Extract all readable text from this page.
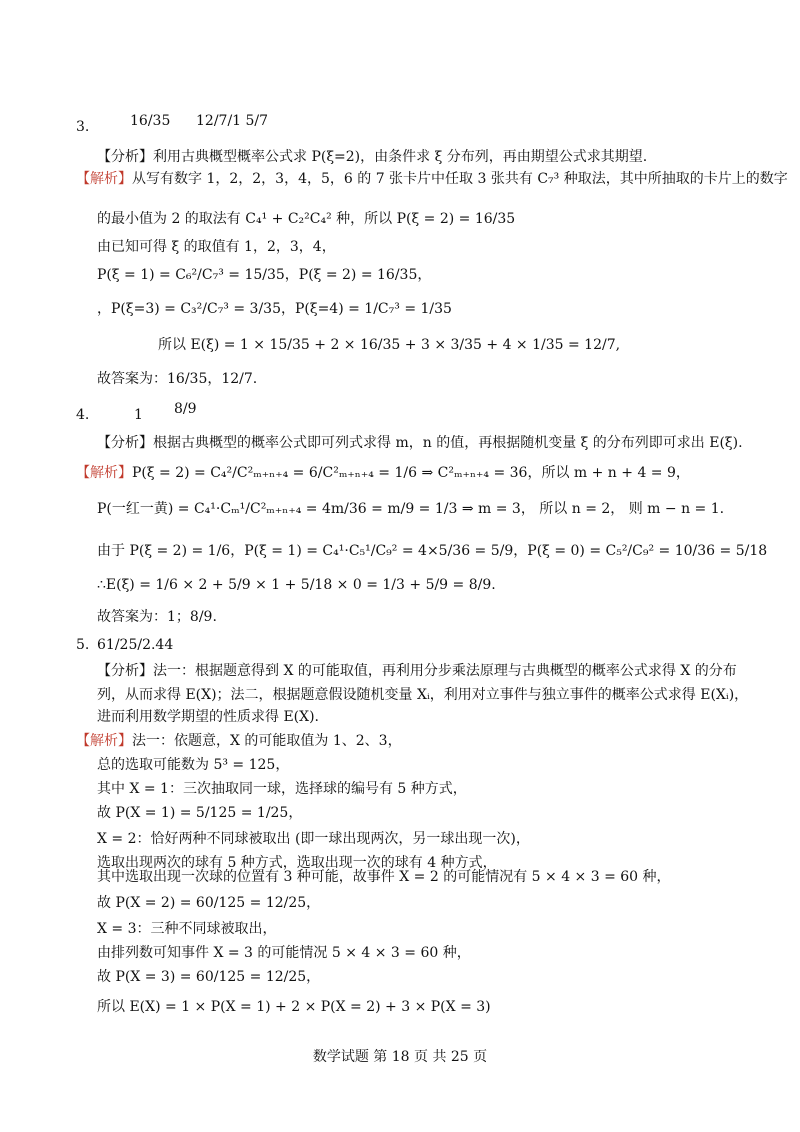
3.	16/35 12/7/1 5/7
【分析】利用古典概型概率公式求 P(ξ=2)，由条件求 ξ 分布列，再由期望公式求其期望.
【解析】从写有数字 1，2，2，3，4，5，6 的 7 张卡片中任取 3 张共有 C₇³ 种取法，其中所抽取的卡片上的数字
的最小值为 2 的取法有 C₄¹ + C₂²C₄² 种，所以 P(ξ = 2) = 16/35
由已知可得 ξ 的取值有 1，2，3，4，
P(ξ = 1) = C₆²/C₇³ = 15/35，P(ξ = 2) = 16/35，
，P(ξ=3) = C₃²/C₇³ = 3/35，P(ξ=4) = 1/C₇³ = 1/35
所以 E(ξ) = 1 × 15/35 + 2 × 16/35 + 3 × 3/35 + 4 × 1/35 = 12/7,
故答案为：16/35，12/7.
4.	1 8/9
【分析】根据古典概型的概率公式即可列式求得 m，n 的值，再根据随机变量 ξ 的分布列即可求出 E(ξ).
【解析】P(ξ = 2) = C₄²/C²ₘ₊ₙ₊₄ = 6/C²ₘ₊ₙ₊₄ = 1/6 ⇒ C²ₘ₊ₙ₊₄ = 36，所以 m + n + 4 = 9，
P(一红一黄) = C₄¹·Cₘ¹/C²ₘ₊ₙ₊₄ = 4m/36 = m/9 = 1/3 ⇒ m = 3， 所以 n = 2， 则 m − n = 1.
由于 P(ξ = 2) = 1/6，P(ξ = 1) = C₄¹·C₅¹/C₉² = 4×5/36 = 5/9，P(ξ = 0) = C₅²/C₉² = 10/36 = 5/18
∴E(ξ) = 1/6 × 2 + 5/9 × 1 + 5/18 × 0 = 1/3 + 5/9 = 8/9.
故答案为：1；8/9.
5. 61/25/2.44
【分析】法一：根据题意得到 X 的可能取值，再利用分步乘法原理与古典概型的概率公式求得 X 的分布
列，从而求得 E(X)；法二，根据题意假设随机变量 Xᵢ，利用对立事件与独立事件的概率公式求得 E(Xᵢ)，
进而利用数学期望的性质求得 E(X).
【解析】法一：依题意，X 的可能取值为 1、2、3，
总的选取可能数为 5³ = 125，
其中 X = 1：三次抽取同一球，选择球的编号有 5 种方式，
故 P(X = 1) = 5/125 = 1/25，
X = 2：恰好两种不同球被取出 (即一球出现两次，另一球出现一次)，
选取出现两次的球有 5 种方式，选取出现一次的球有 4 种方式，
其中选取出现一次球的位置有 3 种可能，故事件 X = 2 的可能情况有 5 × 4 × 3 = 60 种，
故 P(X = 2) = 60/125 = 12/25，
X = 3：三种不同球被取出，
由排列数可知事件 X = 3 的可能情况 5 × 4 × 3 = 60 种，
故 P(X = 3) = 60/125 = 12/25，
所以 E(X) = 1 × P(X = 1) + 2 × P(X = 2) + 3 × P(X = 3)
数学试题 第 18 页 共 25 页
